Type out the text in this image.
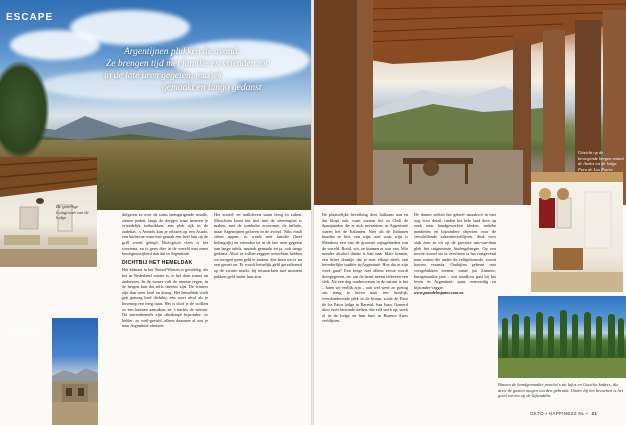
ESCAPE
Argentijnen plukken de avond.
Ze brengen tijd met familie en vrienden tot
in de late uren gegeten, muziek
gemaakt en tango gedanst
De gezellige livingroom van de lodge.
De binnenstaat, gezeld met bijzondere objecten, vormen het decor de vegetatie.
dolgeren ze over de soms beangstigende smalle, stenen paden, langs de dorpjes waar mensen je vriendelijk toeknikken, een plek rijk in de zadeltas. 's Avonds kun je relaxen op een Asado, een barbecue waar met gemak een heel lam op de grill wordt gelegd. Biologisch vlees is het soeviena, en is geen dier in de wereld met meer beweginsvrijheid dan dat in Argentinië.
DICHTBIJ HET HEMELDAK
Het klimaat in het Noord-Westen is geweldig: als het in Nederland winter is, is het daar zomer en andersom. In de zomer valt de meeste regen, in de hergen kan dat zelfs sneeuw zijn. De winters zijn dan weer koel en droog. Het hemeldak voelt gek genoeg heel dichtbij, een soort alsof als je bovenop een berg staat. Het is doof je de wolken zo een kunnen aanraken, en 's nachts de sterren. De sterrenhemels zijn überhaupt bijzonder: zo helder, zo weil-gevuld, alleen daarmee al zou je naar Argentinië afreizen.
Het zoned- en natlitleven staan hoog in zaken. Misschien komt het niet met de sterrenspiet is maken, met de wanhulse economie, de inflatie, maar Argentijnen geloven in de avond. 'Niks eindt zitten uppen, er wordt met familie (heel belangrijk) en vrienden tot in de late uren gegeten aan lange tafels, muziek gemaakt en ja, ook tango gedanst. Alsof ze willen zeggen: misschien hebben we morgen geen geld te maken, dus laten we er nu een geniet en. Er wordt heinelijk geld gerealiseerd op de zwarte markt, bij reismarkten met moment pakken geld onder hun arm.
Uitzicht op de bewegende bergen vanuit de Andes tot de lodge Pura de Los Potrer.
Binnen de handgemaakte poncho's uit lafos en Gaucho-kaders, die door de gasten mogen worden gebruikt. Onder bij het bezoeken is het goed toeven op de lijfwaddin.
De plaatselijke bevolking doet Italiaans aan en dat klopt ook, want wasten het in Chili de Spanjaarden die er zich neerzetten, in Argentinië waren het de Italianen. Niet als de Italianen houden ze hier van wijn, niet waar wijn is Mendoza een van de grootste wijngebieden van de wereld. Rood, wit, ze kunnen er wat van. Wie minder alcohol drinkt is kan naar Mate kinnen, een bitter drankje dat je met elkaar deelt, een bevederlijke traditie in Argentinië. Hoe dat in zijn werk gaat? Een beige met alleen eerste wordt doorgegeven, en: om de beurt neemt iedereen een slok. Na een dag roadmoveren in de natuur is het – laten we eerlijk zijn – ook wel weer zo prettig om terug te keren naar een heerlijk, overdonderende plek in de braun, zoals de Paso de los Patos lodge in Barreal, San Juan. Gemerd door twee bewinde stelten, die zelf werk op, werk al in de lodge en bun huis in Buenos Aires verblijven.
De dames stelten het geheel smaakvol in met oog voor detail, rinden het hele land door op zoek naar handgewerken kleden, antieke meubelen en bijzondere objecten voor de verschillende vakantieverblijven. Stuk voor stuk zien ze uit op de grootste aan-van-dam plek het ruigenoeste Andesgebergte. Op een mooie avond sta in overlaten is het rustgevend naar rusten die onder de zelfgebouwde, zowat houten veranda. Ontbijten gebeurt met versgebakken seenen, vanaf jou Zimmer; huisgemaakte jam – wat naadloos past bij het leven in Argentinië; puur, eenvoudig en bijzonder veggie.
www.pasodelospatos.com.ar
OKTO • HAPPINEZZ NL • 21
